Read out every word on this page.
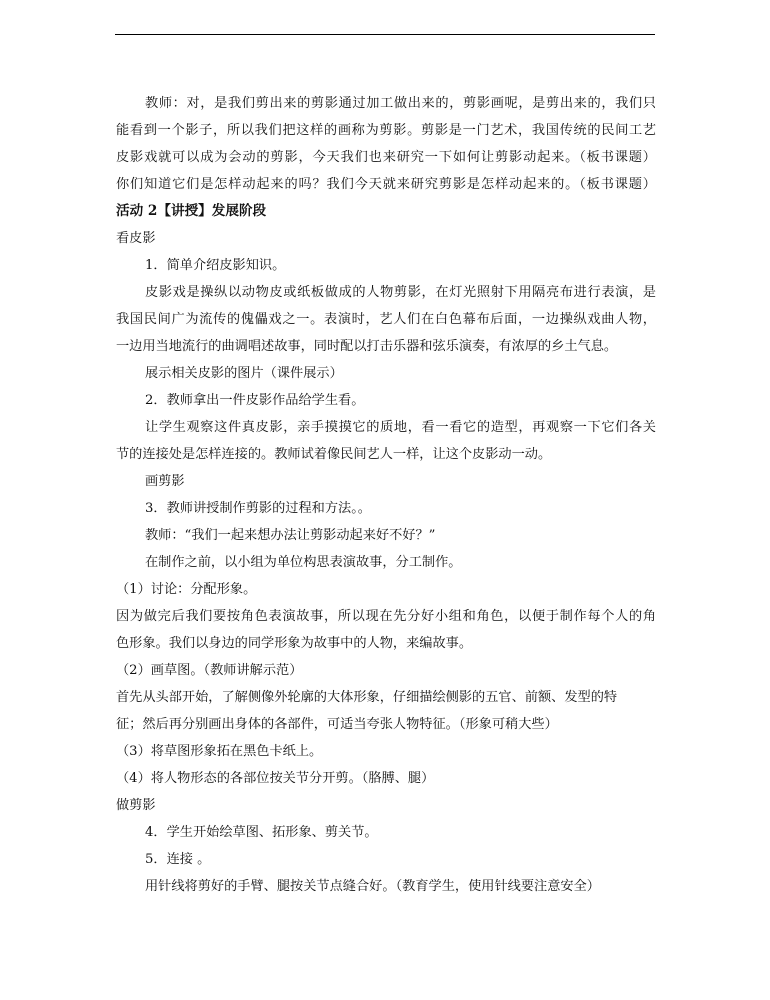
教师：对，是我们剪出来的剪影通过加工做出来的，剪影画呢，是剪出来的，我们只
能看到一个影子，所以我们把这样的画称为剪影。剪影是一门艺术，我国传统的民间工艺
皮影戏就可以成为会动的剪影，今天我们也来研究一下如何让剪影动起来。（板书课题）
你们知道它们是怎样动起来的吗？我们今天就来研究剪影是怎样动起来的。（板书课题）
活动 2【讲授】发展阶段
看皮影
1．简单介绍皮影知识。
皮影戏是操纵以动物皮或纸板做成的人物剪影，在灯光照射下用隔亮布进行表演，是
我国民间广为流传的傀儡戏之一。表演时，艺人们在白色幕布后面，一边操纵戏曲人物，
一边用当地流行的曲调唱述故事，同时配以打击乐器和弦乐演奏，有浓厚的乡土气息。
展示相关皮影的图片（课件展示）
2．教师拿出一件皮影作品给学生看。
让学生观察这件真皮影，亲手摸摸它的质地，看一看它的造型，再观察一下它们各关
节的连接处是怎样连接的。教师试着像民间艺人一样，让这个皮影动一动。
画剪影
3．教师讲授制作剪影的过程和方法。。
教师：“我们一起来想办法让剪影动起来好不好？”
在制作之前，以小组为单位构思表演故事，分工制作。
（1）讨论：分配形象。
因为做完后我们要按角色表演故事，所以现在先分好小组和角色，以便于制作每个人的角
色形象。我们以身边的同学形象为故事中的人物，来编故事。
（2）画草图。（教师讲解示范）
首先从头部开始，了解侧像外轮廓的大体形象，仔细描绘侧影的五官、前额、发型的特
征；然后再分别画出身体的各部件，可适当夸张人物特征。（形象可稍大些）
（3）将草图形象拓在黑色卡纸上。
（4）将人物形态的各部位按关节分开剪。（胳膊、腿）
做剪影
4．学生开始绘草图、拓形象、剪关节。
5．连接 。
用针线将剪好的手臂、腿按关节点缝合好。（教育学生，使用针线要注意安全）
